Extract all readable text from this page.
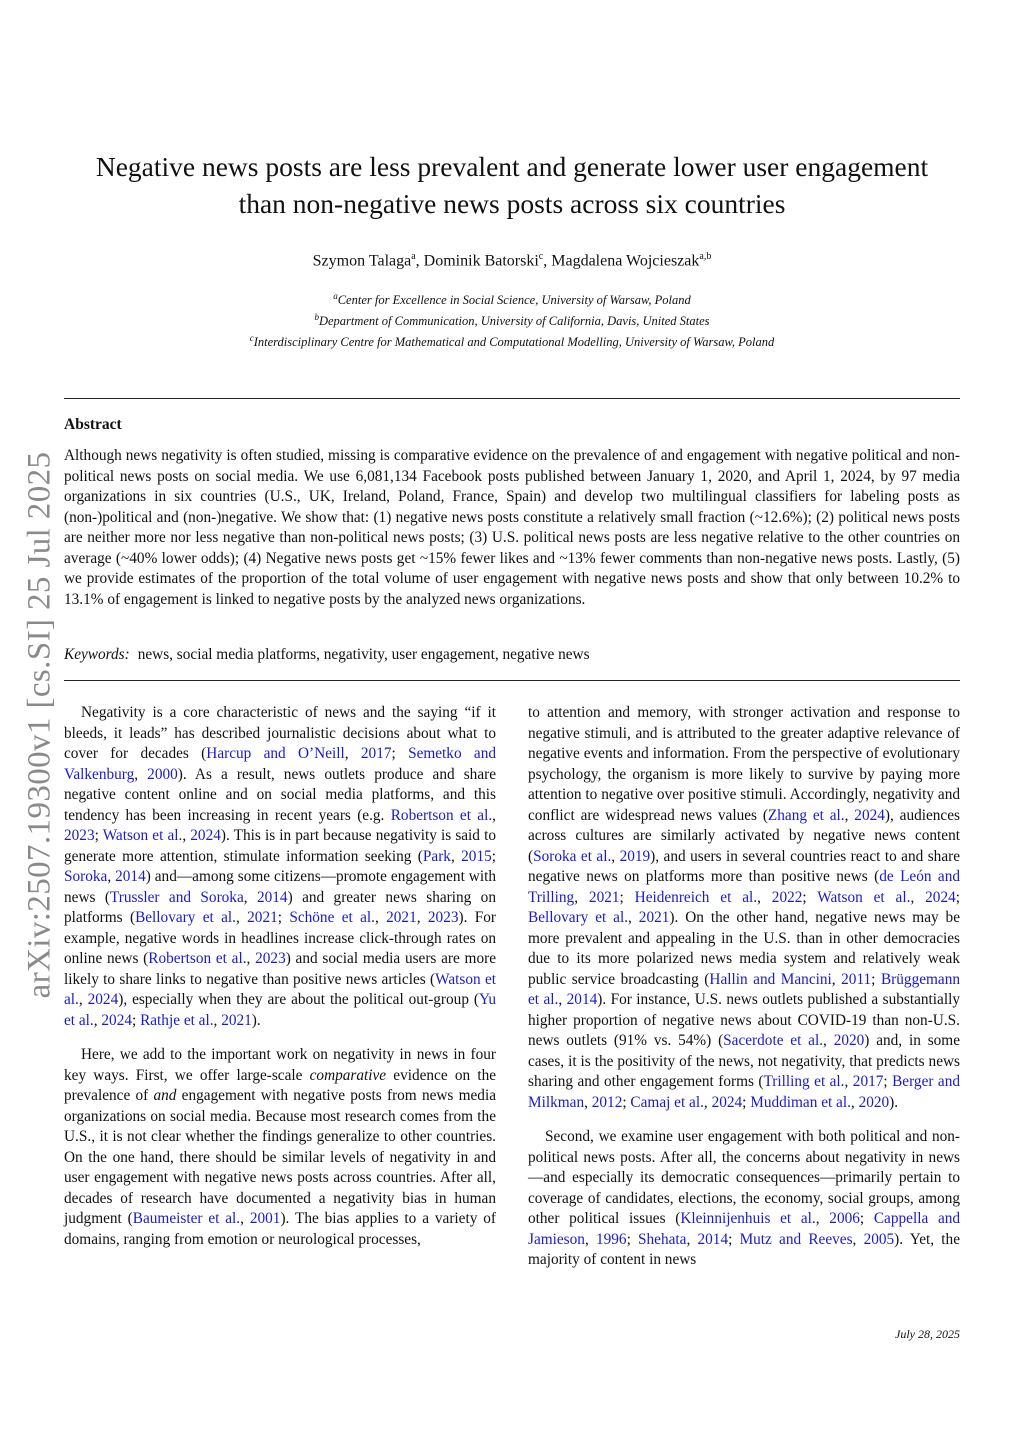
arXiv:2507.19300v1 [cs.SI] 25 Jul 2025
Negative news posts are less prevalent and generate lower user engagement
than non-negative news posts across six countries
Szymon Talaga$^a$, Dominik Batorski$^c$, Magdalena Wojcieszak$^{a,b}$
$^a$Center for Excellence in Social Science, University of Warsaw, Poland
$^b$Department of Communication, University of California, Davis, United States
$^c$Interdisciplinary Centre for Mathematical and Computational Modelling, University of Warsaw, Poland
Abstract

Although news negativity is often studied, missing is comparative evidence on the prevalence of and engagement with negative political and non-political news posts on social media. We use 6,081,134 Facebook posts published between January 1, 2020, and April 1, 2024, by 97 media organizations in six countries (U.S., UK, Ireland, Poland, France, Spain) and develop two multilingual classifiers for labeling posts as (non-)political and (non-)negative. We show that: (1) negative news posts constitute a relatively small fraction (~12.6%); (2) political news posts are neither more nor less negative than non-political news posts; (3) U.S. political news posts are less negative relative to the other countries on average (~40% lower odds); (4) Negative news posts get ~15% fewer likes and ~13% fewer comments than non-negative news posts. Lastly, (5) we provide estimates of the proportion of the total volume of user engagement with negative news posts and show that only between 10.2% to 13.1% of engagement is linked to negative posts by the analyzed news organizations.

Keywords: news, social media platforms, negativity, user engagement, negative news

Negativity is a core characteristic of news and the saying “if it bleeds, it leads” has described journalistic decisions about what to cover for decades (Harcup and O’Neill, 2017; Semetko and Valkenburg, 2000). As a result, news outlets produce and share negative content online and on social media platforms, and this tendency has been increasing in recent years (e.g. Robertson et al., 2023; Watson et al., 2024). This is in part because negativity is said to generate more attention, stimulate information seeking (Park, 2015; Soroka, 2014) and—among some citizens—promote engagement with news (Trussler and Soroka, 2014) and greater news sharing on platforms (Bellovary et al., 2021; Schöne et al., 2021, 2023). For example, negative words in headlines increase click-through rates on online news (Robertson et al., 2023) and social media users are more likely to share links to negative than positive news articles (Watson et al., 2024), especially when they are about the political out-group (Yu et al., 2024; Rathje et al., 2021).

Here, we add to the important work on negativity in news in four key ways. First, we offer large-scale comparative evidence on the prevalence of and engagement with negative posts from news media organizations on social media. Because most research comes from the U.S., it is not clear whether the findings generalize to other countries. On the one hand, there should be similar levels of negativity in and user engagement with negative news posts across countries. After all, decades of research have documented a negativity bias in human judgment (Baumeister et al., 2001). The bias applies to a variety of domains, ranging from emotion or neurological processes,

to attention and memory, with stronger activation and response to negative stimuli, and is attributed to the greater adaptive relevance of negative events and information. From the perspective of evolutionary psychology, the organism is more likely to survive by paying more attention to negative over positive stimuli. Accordingly, negativity and conflict are widespread news values (Zhang et al., 2024), audiences across cultures are similarly activated by negative news content (Soroka et al., 2019), and users in several countries react to and share negative news on platforms more than positive news (de León and Trilling, 2021; Heidenreich et al., 2022; Watson et al., 2024; Bellovary et al., 2021). On the other hand, negative news may be more prevalent and appealing in the U.S. than in other democracies due to its more polarized news media system and relatively weak public service broadcasting (Hallin and Mancini, 2011; Brüggemann et al., 2014). For instance, U.S. news outlets published a substantially higher proportion of negative news about COVID-19 than non-U.S. news outlets (91% vs. 54%) (Sacerdote et al., 2020) and, in some cases, it is the positivity of the news, not negativity, that predicts news sharing and other engagement forms (Trilling et al., 2017; Berger and Milkman, 2012; Camaj et al., 2024; Muddiman et al., 2020).

Second, we examine user engagement with both political and non-political news posts. After all, the concerns about negativity in news—and especially its democratic consequences—primarily pertain to coverage of candidates, elections, the economy, social groups, among other political issues (Kleinnijenhuis et al., 2006; Cappella and Jamieson, 1996; Shehata, 2014; Mutz and Reeves, 2005). Yet, the majority of content in news

July 28, 2025
